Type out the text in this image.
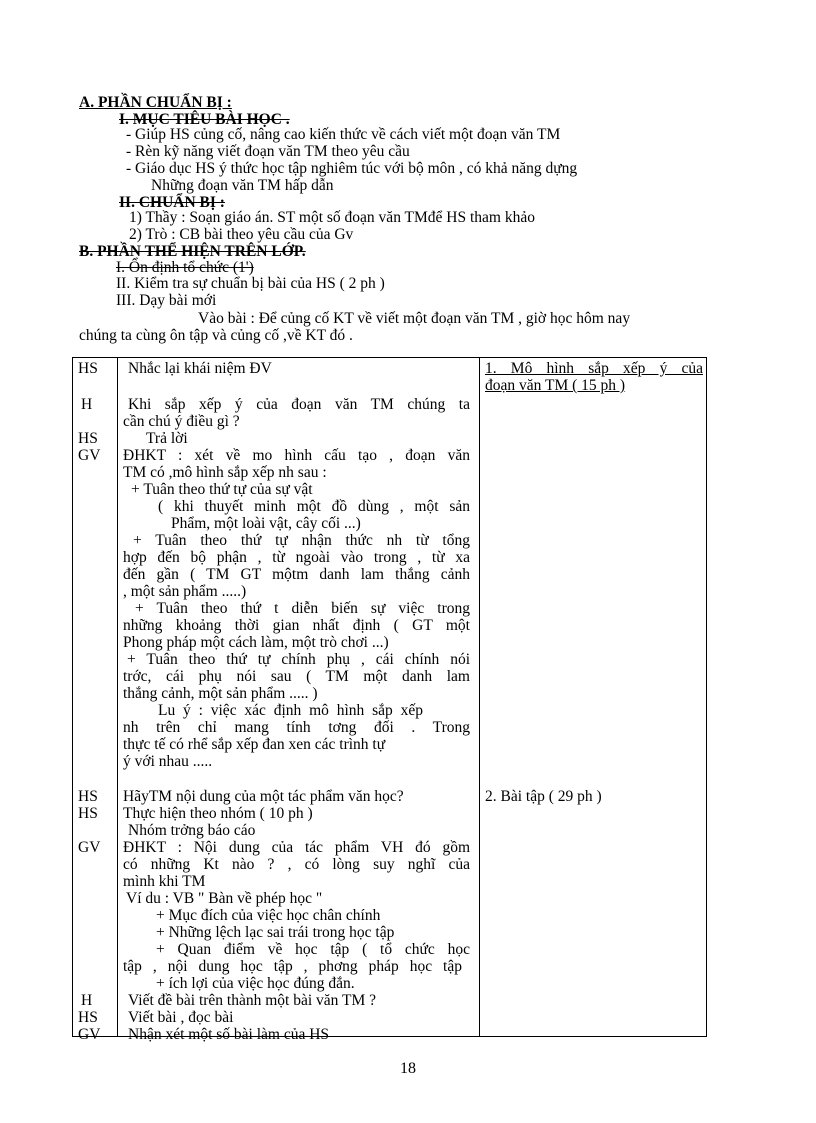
A. PHẦN CHUẨN BỊ :
I. MỤC TIÊU BÀI HỌC .
- Giúp HS củng cố, nâng cao kiến thức về cách viết một đoạn văn TM
- Rèn kỹ năng viết đoạn văn TM theo yêu cầu
- Giáo dục HS ý thức học tập nghiêm túc với bộ môn , có khả năng dựng
Những đoạn văn TM hấp dẫn
II. CHUẨN BỊ :
1) Thầy : Soạn giáo án. ST một số đoạn văn TMđể HS tham khảo
2) Trò : CB bài theo yêu cầu của Gv
B. PHẦN THỂ HIỆN TRÊN LỚP.
I. Ổn định tổ chức (1')
II. Kiểm tra sự chuẩn bị bài của HS ( 2 ph )
III. Dạy bài mới
Vào bài : Để củng cố KT về viết một đoạn văn TM , giờ học hôm nay
chúng ta cùng ôn tập và củng cố ,về KT đó .
HS
H
HS
GV
HS
HS
GV
H
HS
GV
Nhắc lại khái niệm ĐV
Khi sắp xếp ý của đoạn văn TM chúng ta
cần chú ý điều gì ?
Trả lời
ĐHKT : xét về mo hình cấu tạo , đoạn văn
TM có ,mô hình sắp xếp nh sau :
+ Tuân theo thứ tự của sự vật
( khi thuyết minh một đồ dùng , một sản
Phẩm, một loài vật, cây cối ...)
+ Tuân theo thứ tự nhận thức nh từ tổng
hợp đến bộ phận , từ ngoài vào trong , từ xa
đến gần ( TM GT mộtm danh lam thắng cảnh
, một sản phẩm .....)
+ Tuân theo thứ t diễn biến sự việc trong
những khoảng thời gian nhất định ( GT một
Phong pháp một cách làm, một trò chơi ...)
+ Tuân theo thứ tự chính phụ , cái chính nói
trớc, cái phụ nói sau ( TM một danh lam
thắng cảnh, một sản phẩm ..... )
Lu ý : việc xác định mô hình sắp xếp
nh trên chỉ mang tính tơng đối . Trong
thực tế có rhể sắp xếp đan xen các trình tự
ý với nhau .....
1. Mô hình sắp xếp ý của
đoạn văn TM ( 15 ph )
HãyTM nội dung của một tác phẩm văn học?
Thực hiện theo nhóm ( 10 ph )
Nhóm trởng báo cáo
ĐHKT : Nội dung của tác phẩm VH đó gồm
có những Kt nào ? , có lòng suy nghĩ của
mình khi TM
Ví du : VB " Bàn về phép học "
+ Mục đích của việc học chân chính
+ Những lệch lạc sai trái trong học tập
+ Quan điểm về học tập ( tổ chức học
tập , nội dung học tập , phơng pháp học tập
+ ích lợi của việc học đúng đắn.
Viết đề bài trên thành một bài văn TM ?
Viết bài , đọc bài
Nhận xét một số bài làm của HS
2. Bài tập ( 29 ph )
18
